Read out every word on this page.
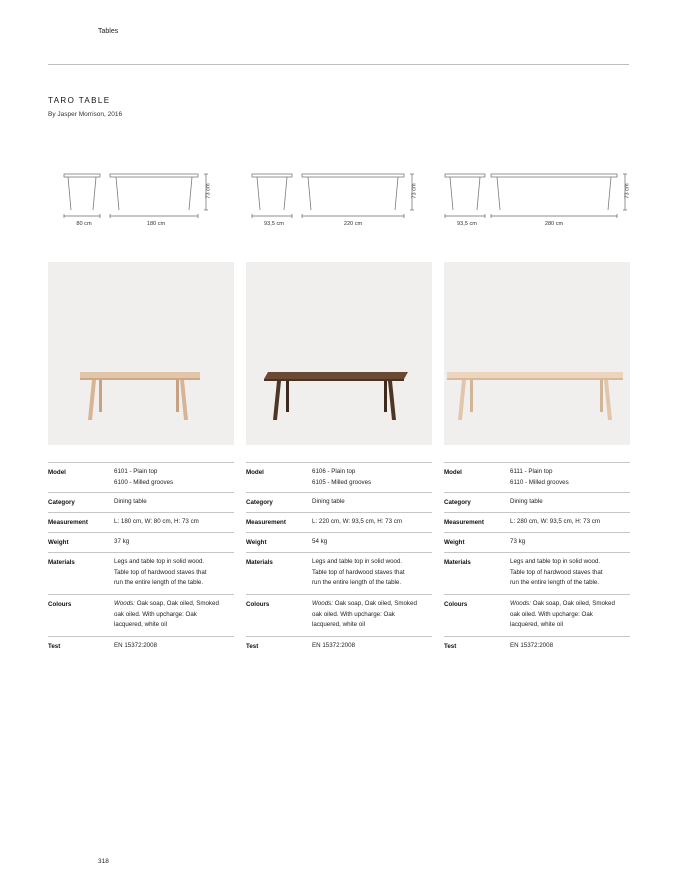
Tables
TARO TABLE
By Jasper Morrison, 2016
80 cm	180 cm
73 cm
93,5 cm	220 cm
73 cm
93,5 cm	280 cm
73 cm
Model	6101 - Plain top
6100 - Milled grooves
Category	Dining table
Measurement	L: 180 cm, W: 80 cm, H: 73 cm
Weight	37 kg
Materials	Legs and table top in solid wood.
Table top of hardwood staves that
run the entire length of the table.
Colours	Woods: Oak soap, Oak oiled, Smoked
oak oiled. With upcharge: Oak
lacquered, white oil
Test	EN 15372:2008
Model	6106 - Plain top
6105 - Milled grooves
Category	Dining table
Measurement	L: 220 cm, W: 93,5 cm, H: 73 cm
Weight	54 kg
Materials	Legs and table top in solid wood.
Table top of hardwood staves that
run the entire length of the table.
Colours	Woods: Oak soap, Oak oiled, Smoked
oak oiled. With upcharge: Oak
lacquered, white oil
Test	EN 15372:2008
Model	6111 - Plain top
6110 - Milled grooves
Category	Dining table
Measurement	L: 280 cm, W: 93,5 cm, H: 73 cm
Weight	73 kg
Materials	Legs and table top in solid wood.
Table top of hardwood staves that
run the entire length of the table.
Colours	Woods: Oak soap, Oak oiled, Smoked
oak oiled. With upcharge: Oak
lacquered, white oil
Test	EN 15372:2008
318
